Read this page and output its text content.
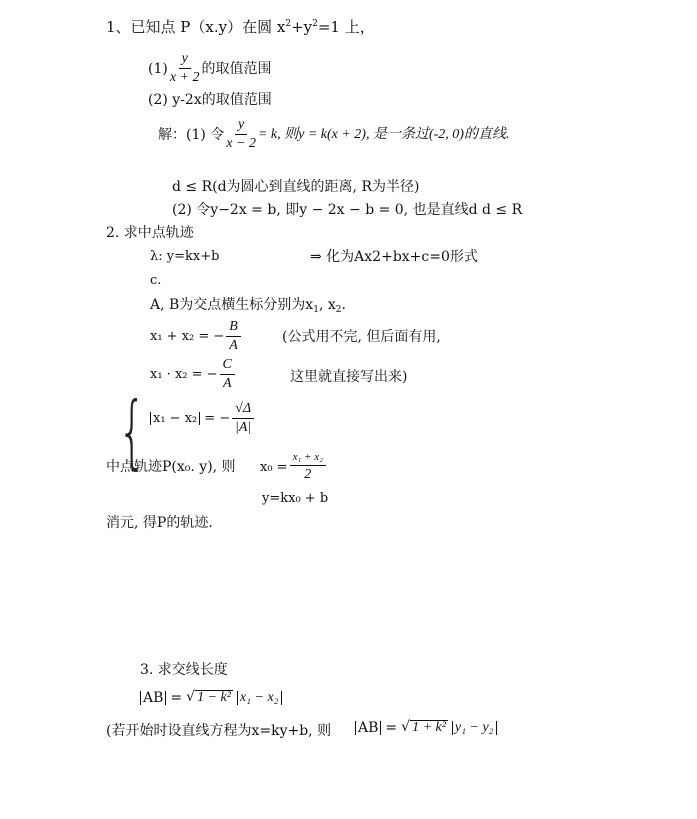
1、已知点 P（x.y）在圆 $x^2+y^2=1$ 上，
$(1) \frac{y}{x + 2}$ 的取值范围
(2) y-2x的取值范围
解：(1) 令 $\frac{y}{x - 2} = k$, 则y = k(x + 2), 是一条过(-2, 0)的直线.
d ≤ R(d为圆心到直线的距离, R为半径)
(2) 令y−2x = b, 即y − 2x − b = 0, 也是直线d d ≤ R
2. 求中点轨迹
λ: y=kx+b	⇒ 化为Ax2+bx+c=0形式
c.
A, B为交点横生标分别为$x_1$, $x_2$.
x₁ + x₂ = − $\frac{B}{A}$	(公式用不完, 但后面有用,
x₁ · x₂ = − $\frac{C}{A}$	这里就直接写出来)
{ x₁ − x₂ = − $\frac{√\Delta}{|A|}$
中点轨迹P(x₀. y), 则 $x_0 = \frac{\text{x₁ + x₂}}{2}$
y=kx₀ + b
消元, 得P的轨迹.
3. 求交线长度
AB = √ 1 − k² x₁ − x₂
(若开始时设直线方程为x=ky+b, 则 AB = √ 1 + k² y₁ − y₂
